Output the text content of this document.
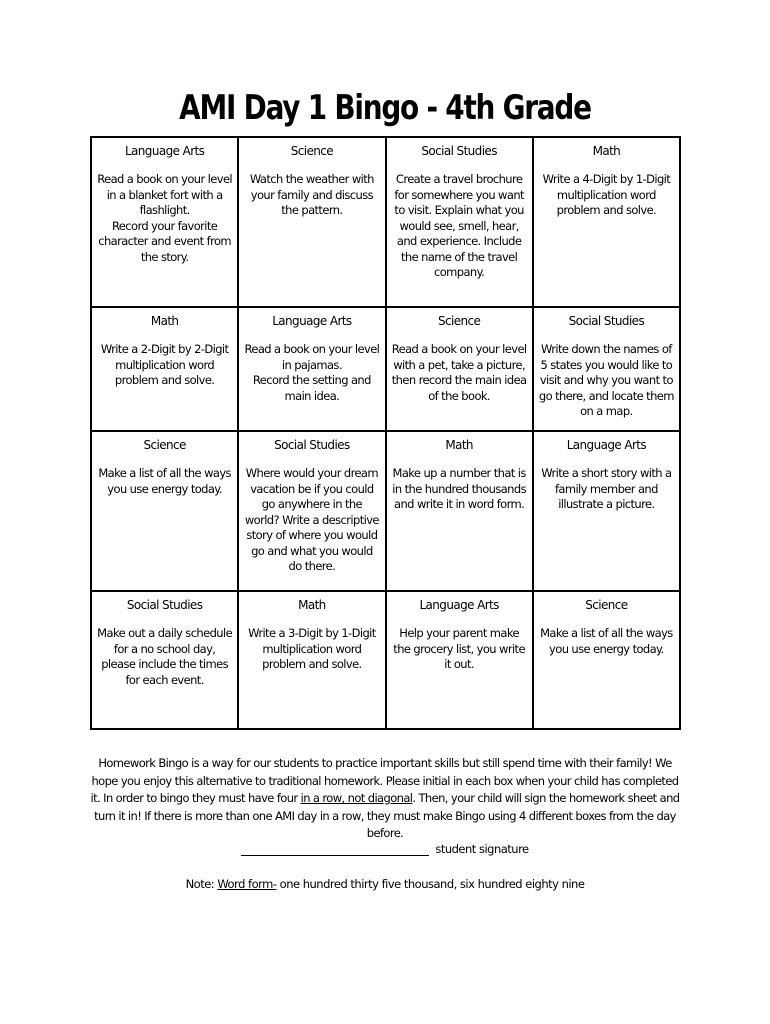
AMI Day 1 Bingo - 4th Grade
Language Arts
Read a book on your level in a blanket fort with a flashlight.
Record your favorite character and event from the story.	Science
Watch the weather with your family and discuss the pattern.	Social Studies
Create a travel brochure for somewhere you want to visit. Explain what you would see, smell, hear, and experience. Include the name of the travel company.	Math
Write a 4-Digit by 1-Digit multiplication word problem and solve.

Math
Write a 2-Digit by 2-Digit multiplication word problem and solve.	Language Arts
Read a book on your level in pajamas.
Record the setting and main idea.	Science
Read a book on your level with a pet, take a picture, then record the main idea of the book.	Social Studies
Write down the names of 5 states you would like to visit and why you want to go there, and locate them on a map.

Science
Make a list of all the ways you use energy today.	Social Studies
Where would your dream vacation be if you could go anywhere in the world? Write a descriptive story of where you would go and what you would do there.	Math
Make up a number that is in the hundred thousands and write it in word form.	Language Arts
Write a short story with a family member and illustrate a picture.

Social Studies
Make out a daily schedule for a no school day, please include the times for each event.	Math
Write a 3-Digit by 1-Digit multiplication word problem and solve.	Language Arts
Help your parent make the grocery list, you write it out.	Science
Make a list of all the ways you use energy today.
Homework Bingo is a way for our students to practice important skills but still spend time with their family! We hope you enjoy this alternative to traditional homework. Please initial in each box when your child has completed it. In order to bingo they must have four in a row, not diagonal. Then, your child will sign the homework sheet and turn it in! If there is more than one AMI day in a row, they must make Bingo using 4 different boxes from the day before.
student signature
Note: Word form- one hundred thirty five thousand, six hundred eighty nine
